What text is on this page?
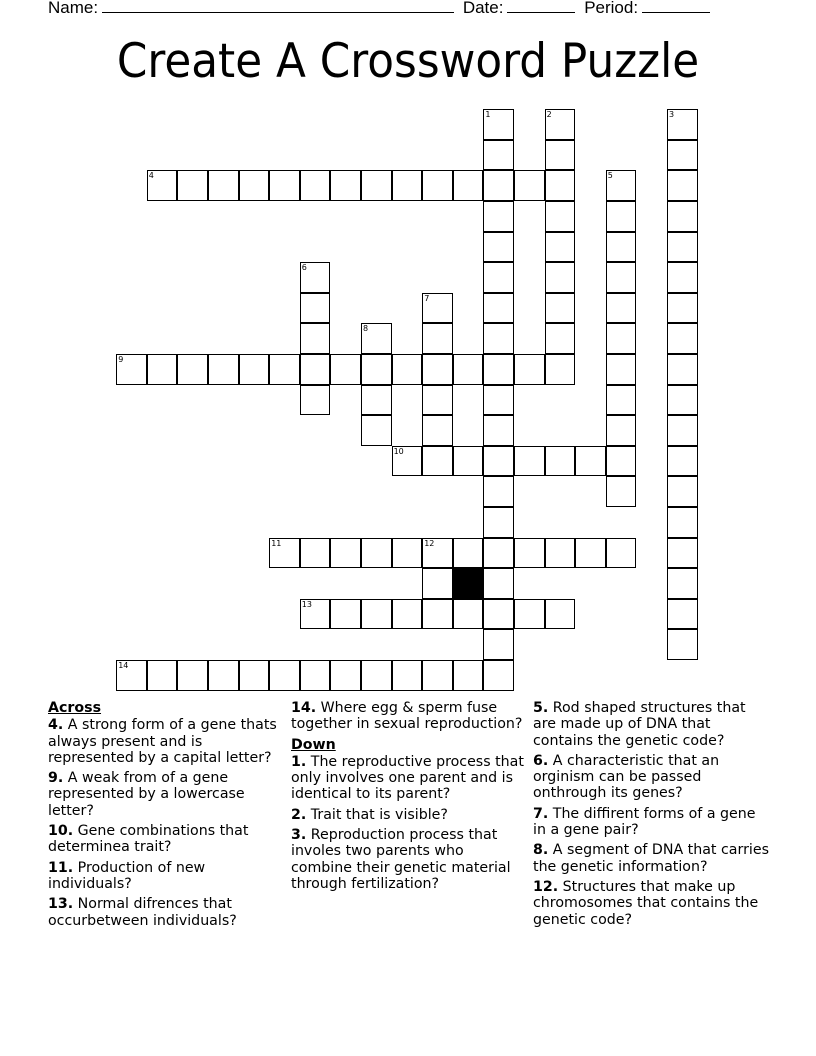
Name:	Date:	Period:
Create A Crossword Puzzle
1	2	3
4	5
6
7
8
9
10
11	12
13
14
Across
4. A strong form of a gene thats always present and is represented by a capital letter?
9. A weak from of a gene represented by a lowercase letter?
10. Gene combinations that determinea trait?
11. Production of new individuals?
13. Normal difrences that occurbetween individuals?
14. Where egg & sperm fuse together in sexual reproduction?
Down
1. The reproductive process that only involves one parent and is identical to its parent?
2. Trait that is visible?
3. Reproduction process that involes two parents who combine their genetic material through fertilization?
5. Rod shaped structures that are made up of DNA that contains the genetic code?
6. A characteristic that an orginism can be passed onthrough its genes?
7. The diffirent forms of a gene in a gene pair?
8. A segment of DNA that carries the genetic information?
12. Structures that make up chromosomes that contains the genetic code?
